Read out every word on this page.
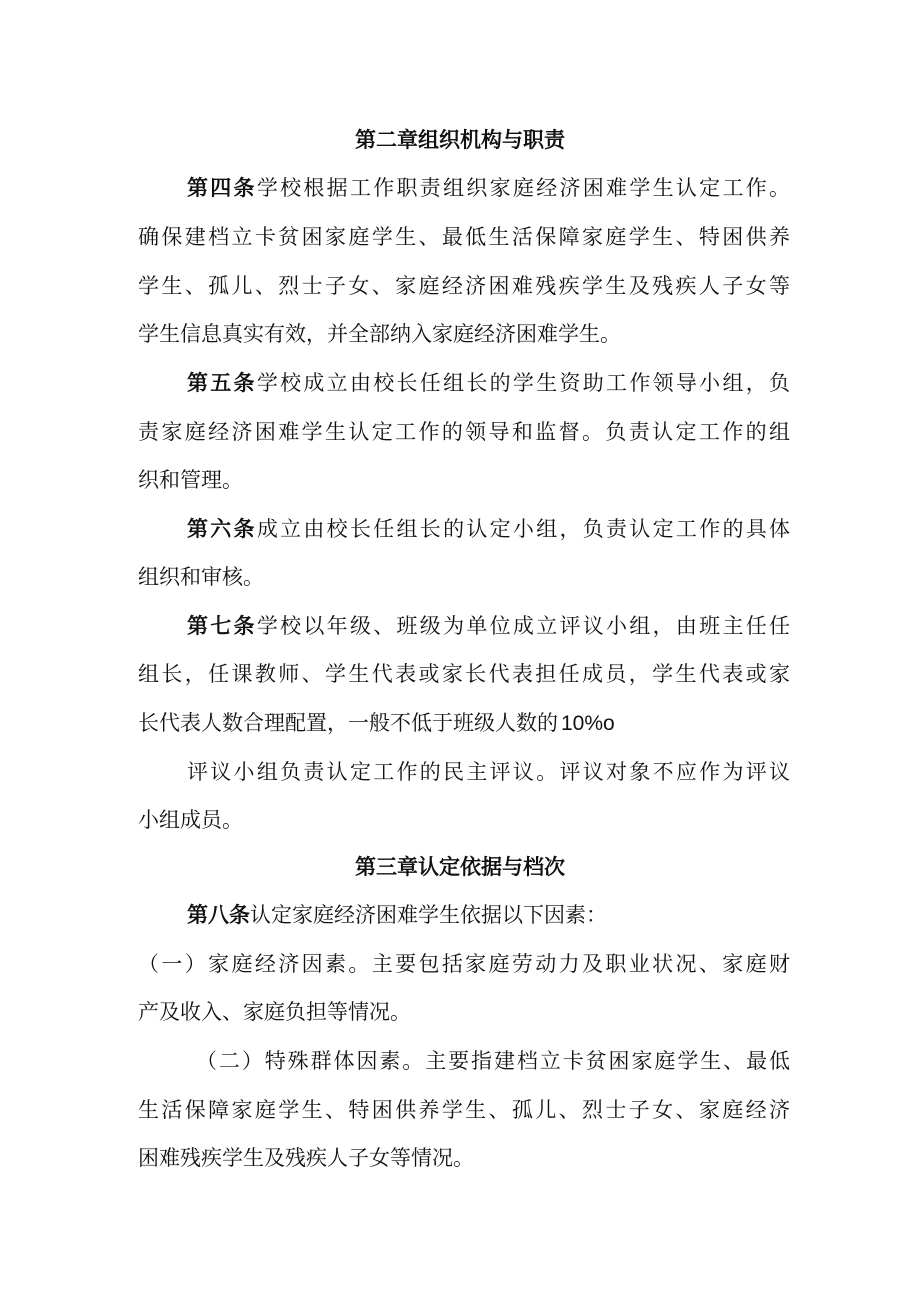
第二章组织机构与职责
第四条学校根据工作职责组织家庭经济困难学生认定工作。
确保建档立卡贫困家庭学生、最低生活保障家庭学生、特困供养
学生、孤儿、烈士子女、家庭经济困难残疾学生及残疾人子女等
学生信息真实有效，并全部纳入家庭经济困难学生。
第五条学校成立由校长任组长的学生资助工作领导小组，负
责家庭经济困难学生认定工作的领导和监督。负责认定工作的组
织和管理。
第六条成立由校长任组长的认定小组，负责认定工作的具体
组织和审核。
第七条学校以年级、班级为单位成立评议小组，由班主任任
组长，任课教师、学生代表或家长代表担任成员，学生代表或家
长代表人数合理配置，一般不低于班级人数的 10%o
评议小组负责认定工作的民主评议。评议对象不应作为评议
小组成员。
第三章认定依据与档次
第八条认定家庭经济困难学生依据以下因素：
（一）家庭经济因素。主要包括家庭劳动力及职业状况、家庭财
产及收入、家庭负担等情况。
（二）特殊群体因素。主要指建档立卡贫困家庭学生、最低
生活保障家庭学生、特困供养学生、孤儿、烈士子女、家庭经济
困难残疾学生及残疾人子女等情况。
